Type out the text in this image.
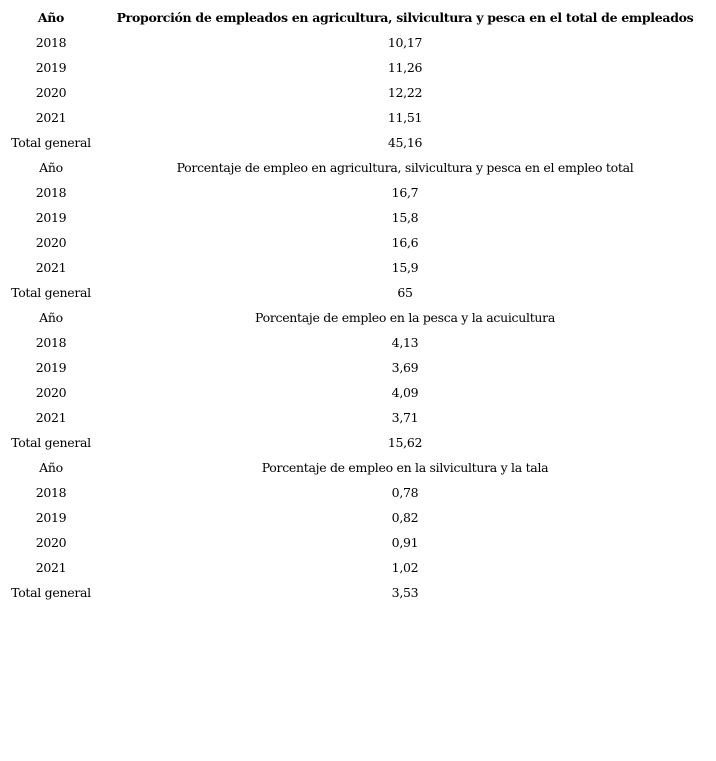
Año	Proporción de empleados en agricultura, silvicultura y pesca en el total de empleados
2018	10,17
2019	11,26
2020	12,22
2021	11,51
Total general	45,16
Año	Porcentaje de empleo en agricultura, silvicultura y pesca en el empleo total
2018	16,7
2019	15,8
2020	16,6
2021	15,9
Total general	65
Año	Porcentaje de empleo en la pesca y la acuicultura
2018	4,13
2019	3,69
2020	4,09
2021	3,71
Total general	15,62
Año	Porcentaje de empleo en la silvicultura y la tala
2018	0,78
2019	0,82
2020	0,91
2021	1,02
Total general	3,53
